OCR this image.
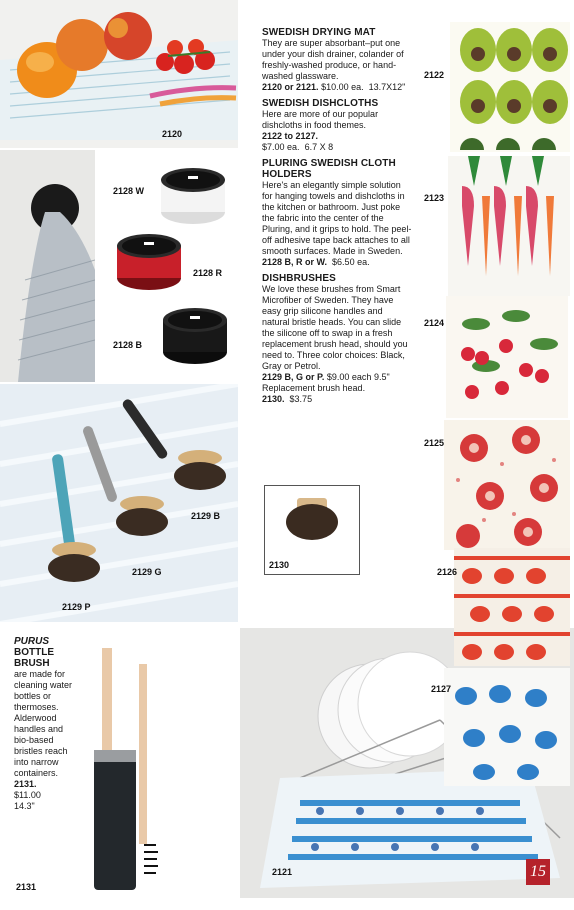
2120
2128 W
2128 R
2128 B
2129 B
2129 G
2129 P
PURUS
BOTTLE BRUSH
are made for cleaning water bottles or thermoses. Alderwood handles and bio-based bristles reach into narrow containers.
2131.
$11.00
14.3"
2131
2121
SWEDISH DRYING MAT

They are super absorbant–put one under your dish drainer, colander of freshly-washed produce, or hand-washed glassware.

2120 or 2121. $10.00 ea. 13.7X12"

SWEDISH DISHCLOTHS

Here are more of our popular dishcloths in food themes.

2122 to 2127.

$7.00 ea. 6.7 X 8

PLURING SWEDISH CLOTH HOLDERS

Here's an elegantly simple solution for hanging towels and dishcloths in the kitchen or bathroom. Just poke the fabric into the center of the Pluring, and it grips to hold. The peel-off adhesive tape back attaches to all smooth surfaces. Made in Sweden.

2128 B, R or W. $6.50 ea.

DISHBRUSHES

We love these brushes from Smart Microfiber of Sweden. They have easy grip silicone handles and natural bristle heads. You can slide the silicone off to swap in a fresh replacement brush head, should you need to. Three color choices: Black, Gray or Petrol.

2129 B, G or P. $9.00 each 9.5"

Replacement brush head.

2130. $3.75

2130
2122
2123
2124
2125
2126
2127
15
